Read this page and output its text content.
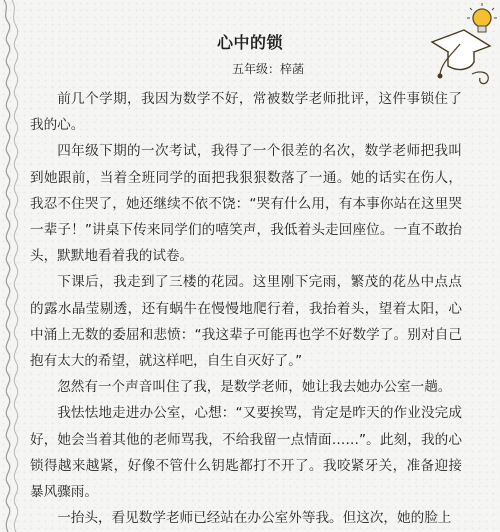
心中的锁
五年级：梓菡

前几个学期，我因为数学不好，常被数学老师批评，这件事锁住了我的心。

四年级下期的一次考试，我得了一个很差的名次，数学老师把我叫到她跟前，当着全班同学的面把我狠狠数落了一通。她的话实在伤人，我忍不住哭了，她还继续不依不饶：“哭有什么用，有本事你站在这里哭一辈子！”讲桌下传来同学们的嘻笑声，我低着头走回座位。一直不敢抬头，默默地看着我的试卷。

下课后，我走到了三楼的花园。这里刚下完雨，繁茂的花丛中点点的露水晶莹剔透，还有蜗牛在慢慢地爬行着，我抬着头，望着太阳，心中涌上无数的委屈和悲愤：“我这辈子可能再也学不好数学了。别对自己抱有太大的希望，就这样吧，自生自灭好了。”

忽然有一个声音叫住了我，是数学老师，她让我去她办公室一趟。

我怯怯地走进办公室，心想：“又要挨骂，肯定是昨天的作业没完成好，她会当着其他的老师骂我，不给我留一点情面……”。此刻，我的心锁得越来越紧，好像不管什么钥匙都打不开了。我咬紧牙关，准备迎接暴风骤雨。

一抬头，看见数学老师已经站在办公室外等我。但这次，她的脸上
